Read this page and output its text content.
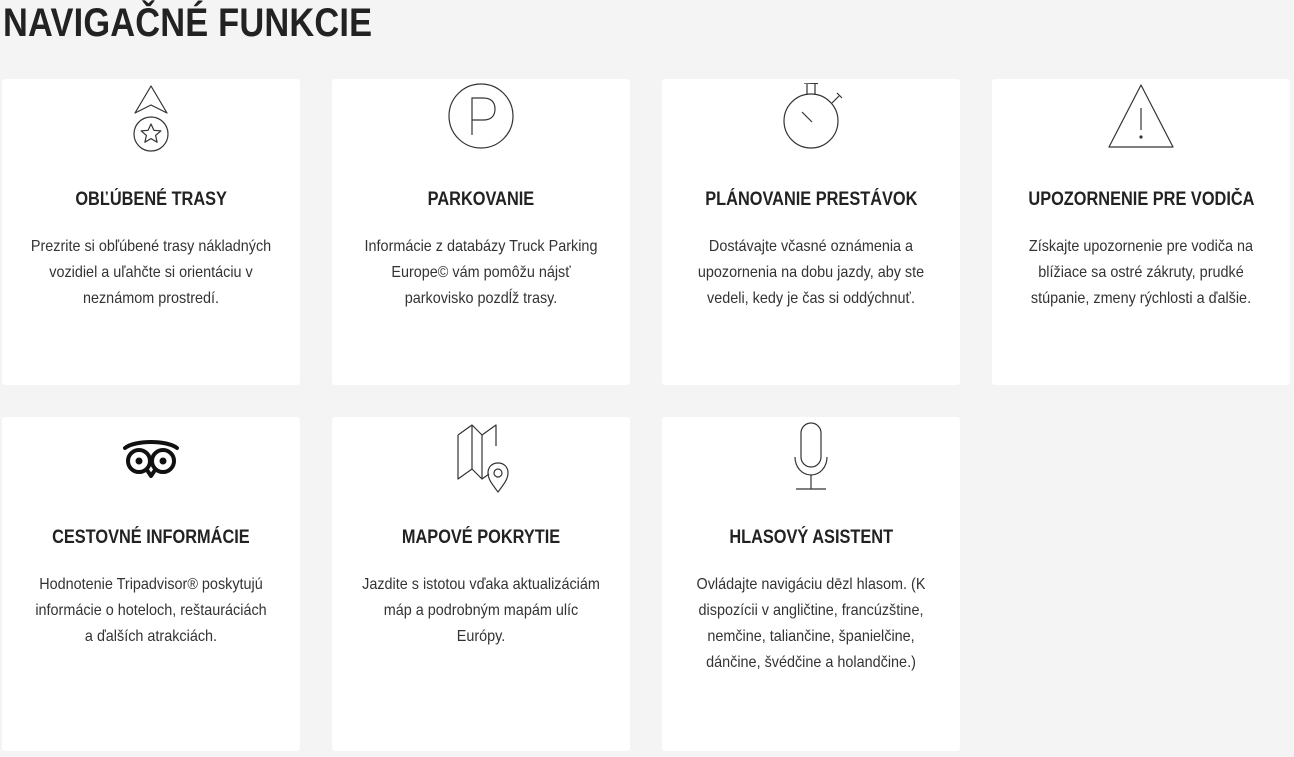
NAVIGAČNÉ FUNKCIE
OBĽÚBENÉ TRASY

Prezrite si obľúbené trasy nákladných vozidiel a uľahčte si orientáciu v neznámom prostredí.

PARKOVANIE

Informácie z databázy Truck Parking Europe© vám pomôžu nájsť parkovisko pozdĺž trasy.

PLÁNOVANIE PRESTÁVOK

Dostávajte včasné oznámenia a upozornenia na dobu jazdy, aby ste vedeli, kedy je čas si oddýchnuť.

UPOZORNENIE PRE VODIČA

Získajte upozornenie pre vodiča na blížiace sa ostré zákruty, prudké stúpanie, zmeny rýchlosti a ďalšie.

CESTOVNÉ INFORMÁCIE

Hodnotenie Tripadvisor® poskytujú informácie o hoteloch, reštauráciách a ďalších atrakciách.

MAPOVÉ POKRYTIE

Jazdite s istotou vďaka aktualizáciám máp a podrobným mapám ulíc Európy.

HLASOVÝ ASISTENT

Ovládajte navigáciu dēzl hlasom. (K dispozícii v angličtine, francúzštine, nemčine, taliančine, španielčine, dánčine, švédčine a holandčine.)
